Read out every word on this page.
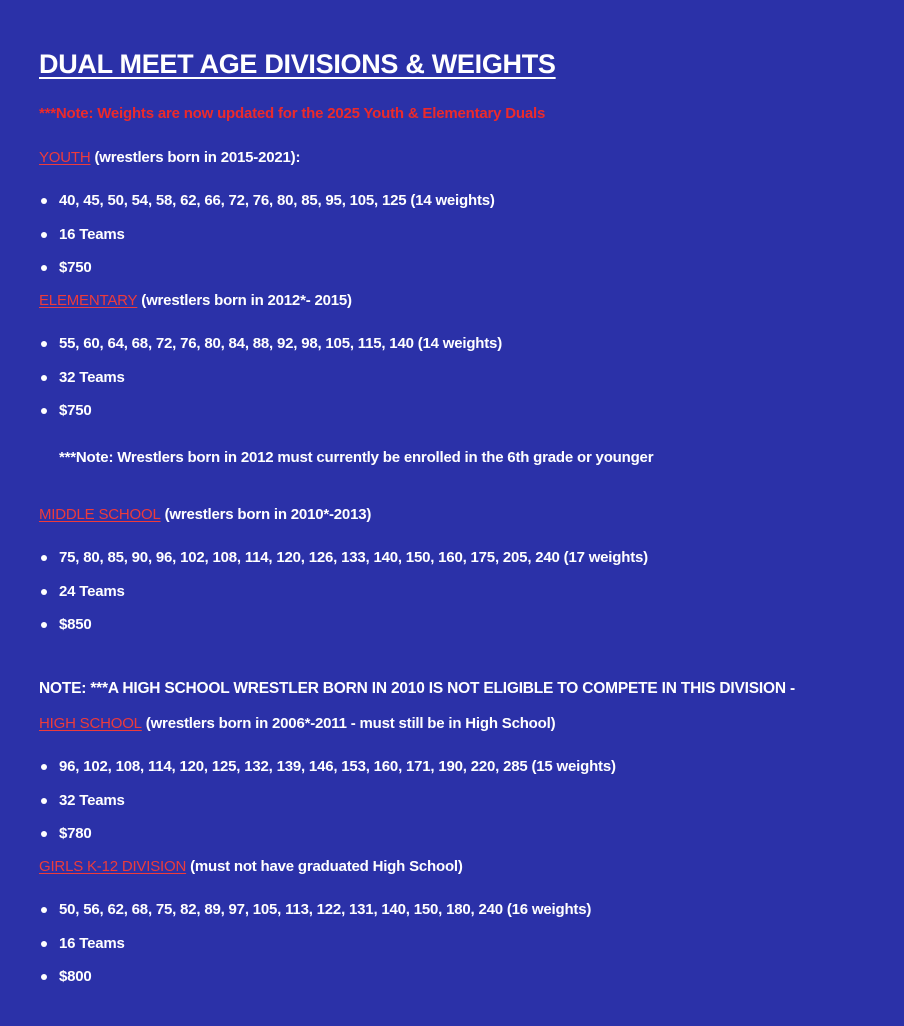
DUAL MEET AGE DIVISIONS & WEIGHTS
***Note: Weights are now updated for the 2025 Youth & Elementary Duals
YOUTH (wrestlers born in 2015-2021):
40, 45, 50, 54, 58, 62, 66, 72, 76, 80, 85, 95, 105, 125 (14 weights)
16 Teams
$750
ELEMENTARY (wrestlers born in 2012*- 2015)
55, 60, 64, 68, 72, 76, 80, 84, 88, 92, 98, 105, 115, 140 (14 weights)
32 Teams
$750
***Note: Wrestlers born in 2012 must currently be enrolled in the 6th grade or younger
MIDDLE SCHOOL (wrestlers born in 2010*-2013)
75, 80, 85, 90, 96, 102, 108, 114, 120, 126, 133, 140, 150, 160, 175, 205, 240 (17 weights)
24 Teams
$850
NOTE: ***A HIGH SCHOOL WRESTLER BORN IN 2010 IS NOT ELIGIBLE TO COMPETE IN THIS DIVISION -
HIGH SCHOOL (wrestlers born in 2006*-2011 - must still be in High School)
96, 102, 108, 114, 120, 125, 132, 139, 146, 153, 160, 171, 190, 220, 285 (15 weights)
32 Teams
$780
GIRLS K-12 DIVISION (must not have graduated High School)
50, 56, 62, 68, 75, 82, 89, 97, 105, 113, 122, 131, 140, 150, 180, 240 (16 weights)
16 Teams
$800
